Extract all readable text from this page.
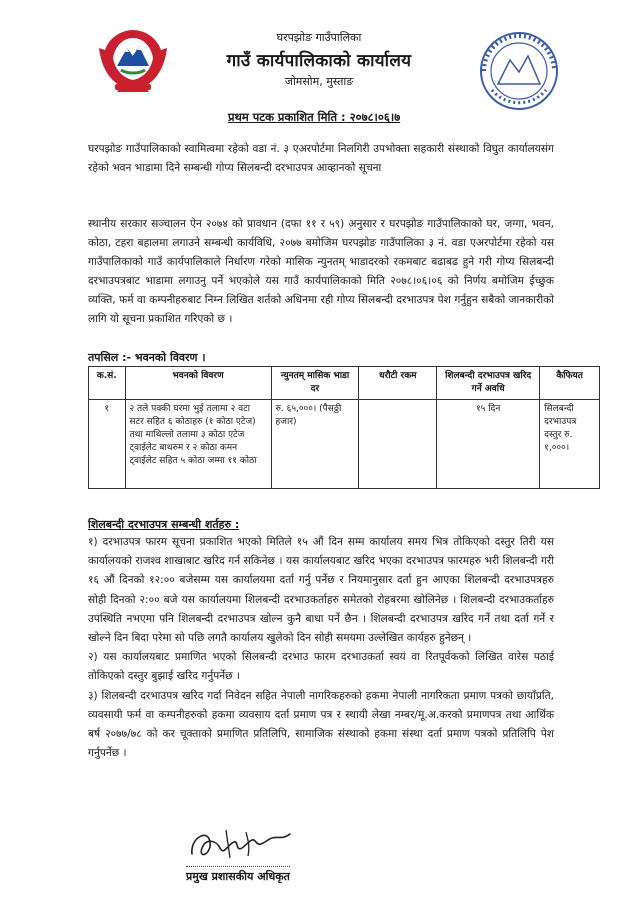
घरपझोङ गाउँपालिका
गाउँ कार्यपालिकाको कार्यालय
जोमसोम, मुस्ताङ
प्रथम पटक प्रकाशित मिति : २०७८।०६।७
घरपझोङ गाउँपालिकाको स्वामित्वमा रहेको वडा नं. ३ एअरपोर्टमा निलगिरी उपभोक्ता सहकारी संस्थाको विघुत कार्यालयसंग रहेको भवन भाडामा दिने सम्बन्धी गोप्य सिलबन्दी दरभाउपत्र आव्हानको सूचना
स्थानीय सरकार सञ्चालन ऐन २०७४ को प्रावधान (दफा ११ र ५९) अनुसार र घरपझोङ गाउँपालिकाको घर, जग्गा, भवन, कोठा, टहरा बहालमा लगाउने सम्बन्धी कार्यविधि, २०७७ बमोजिम घरपझोङ गाउँपालिका ३ नं. वडा एअरपोर्टमा रहेको यस गाउँपालिकाको गाउँ कार्यपालिकाले निर्धारण गरेको मासिक न्युनतम् भाडादरको रकमबाट बढाबढ हुने गरी गोप्य सिलबन्दी दरभाउपत्रबाट भाडामा लगाउनु पर्ने भएकोले यस गाउँ कार्यपालिकाको मिति २०७८।०६।०६ को निर्णय बमोजिम ईच्छुक व्यक्ति, फर्म वा कम्पनीहरुबाट निम्न लिखित शर्तको अधिनमा रही गोप्य सिलबन्दी दरभाउपत्र पेश गर्नुहुन सबैको जानकारीको लागि यो सूचना प्रकाशित गरिएको छ ।
तपसिल :- भवनको विवरण ।
क.सं.	भवनको विवरण	न्युनतम् मासिक भाडा दर	धरौटी रकम	शिलबन्दी दरभाउपत्र खरिद गर्ने अवधि	कैफियत
१	२ तले पक्की घरमा भुई तलामा २ वटा सटर सहित ६ कोठाहरु (१ कोठा एटेज) तथा माथिल्लो तलामा ३ कोठा एटेज ट्वाईलेट बाथरुम र २ कोठा कमन ट्वाईलेट सहित ५ कोठा जम्मा ११ कोठा	रु. ६५,०००। (पैसठ्ठी हजार)		१५ दिन	सिलबन्दी दरभाउपत्र दस्तुर रु. १,०००।
शिलबन्दी दरभाउपत्र सम्बन्धी शर्तहरु :

१) दरभाउपत्र फारम सूचना प्रकाशित भएको मितिले १५ औं दिन सम्म कार्यालय समय भित्र तोकिएको दस्तुर तिरी यस कार्यालयको राजश्व शाखाबाट खरिद गर्न सकिनेछ । यस कार्यालयबाट खरिद भएका दरभाउपत्र फारमहरु भरी शिलबन्दी गरी १६ औं दिनको १२:०० बजेसम्म यस कार्यालयमा दर्ता गर्नु पर्नेछ र नियमानुसार दर्ता हुन आएका शिलबन्दी दरभाउपत्रहरु सोही दिनको २:०० बजे यस कार्यालयमा शिलबन्दी दरभाउकर्ताहरु समेतको रोहबरमा खोलिनेछ । शिलबन्दी दरभाउकर्ताहरु उपस्थिति नभएमा पनि शिलबन्दी दरभाउपत्र खोल्न कुनै बाधा पर्ने छैन । शिलबन्दी दरभाउपत्र खरिद गर्ने तथा दर्ता गर्ने र खोल्ने दिन बिदा परेमा सो पछि लगतै कार्यालय खुलेको दिन सोही समयमा उल्लेखित कार्यहरु हुनेछन् ।

२) यस कार्यालयबाट प्रमाणित भएको सिलबन्दी दरभाउ फारम दरभाउकर्ता स्वयं वा रितपूर्वकको लिखित वारेस पठाई तोकिएको दस्तुर बुझाई खरिद गर्नुपर्नेछ ।

३) शिलबन्दी दरभाउपत्र खरिद गर्दा निवेदन सहित नेपाली नागरिकहरुको हकमा नेपाली नागरिकता प्रमाण पत्रको छायाँप्रति, व्यवसायी फर्म वा कम्पनीहरुको हकमा व्यवसाय दर्ता प्रमाण पत्र र स्थायी लेखा नम्बर/मू.अ.करको प्रमाणपत्र तथा आर्थिक बर्ष २०७७/७८ को कर चूक्ताको प्रमाणित प्रतिलिपि, सामाजिक संस्थाको हकमा संस्था दर्ता प्रमाण पत्रको प्रतिलिपि पेश गर्नुपर्नेछ ।

प्रमुख प्रशासकीय अधिकृत
